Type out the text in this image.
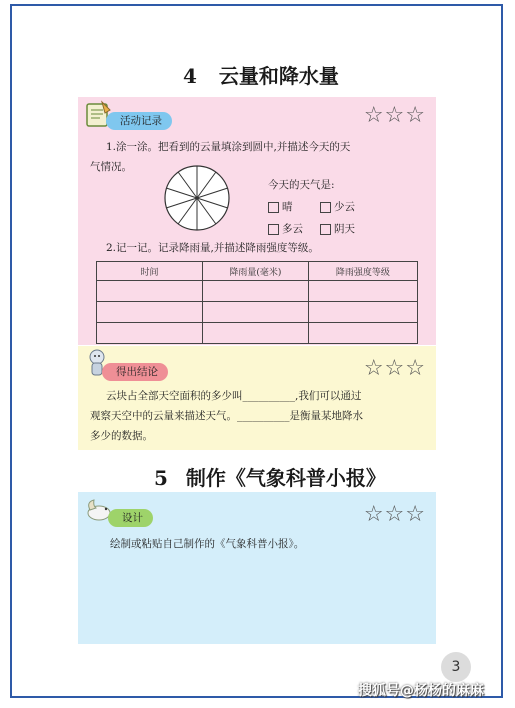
4 云量和降水量
活动记录	☆☆☆
1.涂一涂。把看到的云量填涂到圆中,并描述今天的天
气情况。
今天的天气是:
晴	少云
多云	阴天
2.记一记。记录降雨量,并描述降雨强度等级。
时间	降雨量(毫米)	降雨强度等级

得出结论	☆☆☆
云块占全部天空面积的多少叫__________,我们可以通过
观察天空中的云量来描述天气。__________是衡量某地降水
多少的数据。
5 制作《气象科普小报》
设计	☆☆☆
绘制或粘贴自己制作的《气象科普小报》。
3
搜狐号@杨杨的麻麻
